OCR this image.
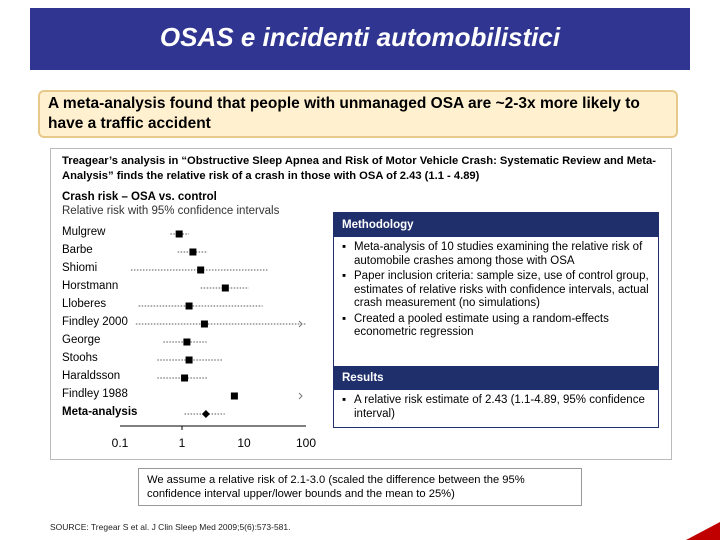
OSAS e incidenti automobilistici
A meta-analysis found that people with unmanaged OSA are ~2-3x more likely to have a traffic accident
Treagear’s analysis in “Obstructive Sleep Apnea and Risk of Motor Vehicle Crash: Systematic Review and Meta-Analysis” finds the relative risk of a crash in those with OSA of 2.43 (1.1 - 4.89)
Crash risk – OSA vs. control
Relative risk with 95% confidence intervals
Mulgrew
Barbe
Shiomi
Horstmann
Lloberes
Findley 2000
George
Stoohs
Haraldsson
Findley 1988
Meta-analysis
0.1	1	10	100
Methodology
▪ Meta-analysis of 10 studies examining the relative risk of automobile crashes among those with OSA
▪ Paper inclusion criteria: sample size, use of control group, estimates of relative risks with confidence intervals, actual crash measurement (no simulations)
▪ Created a pooled estimate using a random-effects econometric regression
Results
▪ A relative risk estimate of 2.43 (1.1-4.89, 95% confidence interval)
We assume a relative risk of 2.1-3.0 (scaled the difference between the 95% confidence interval upper/lower bounds and the mean to 25%)
SOURCE: Tregear S et al. J Clin Sleep Med 2009;5(6):573-581.
